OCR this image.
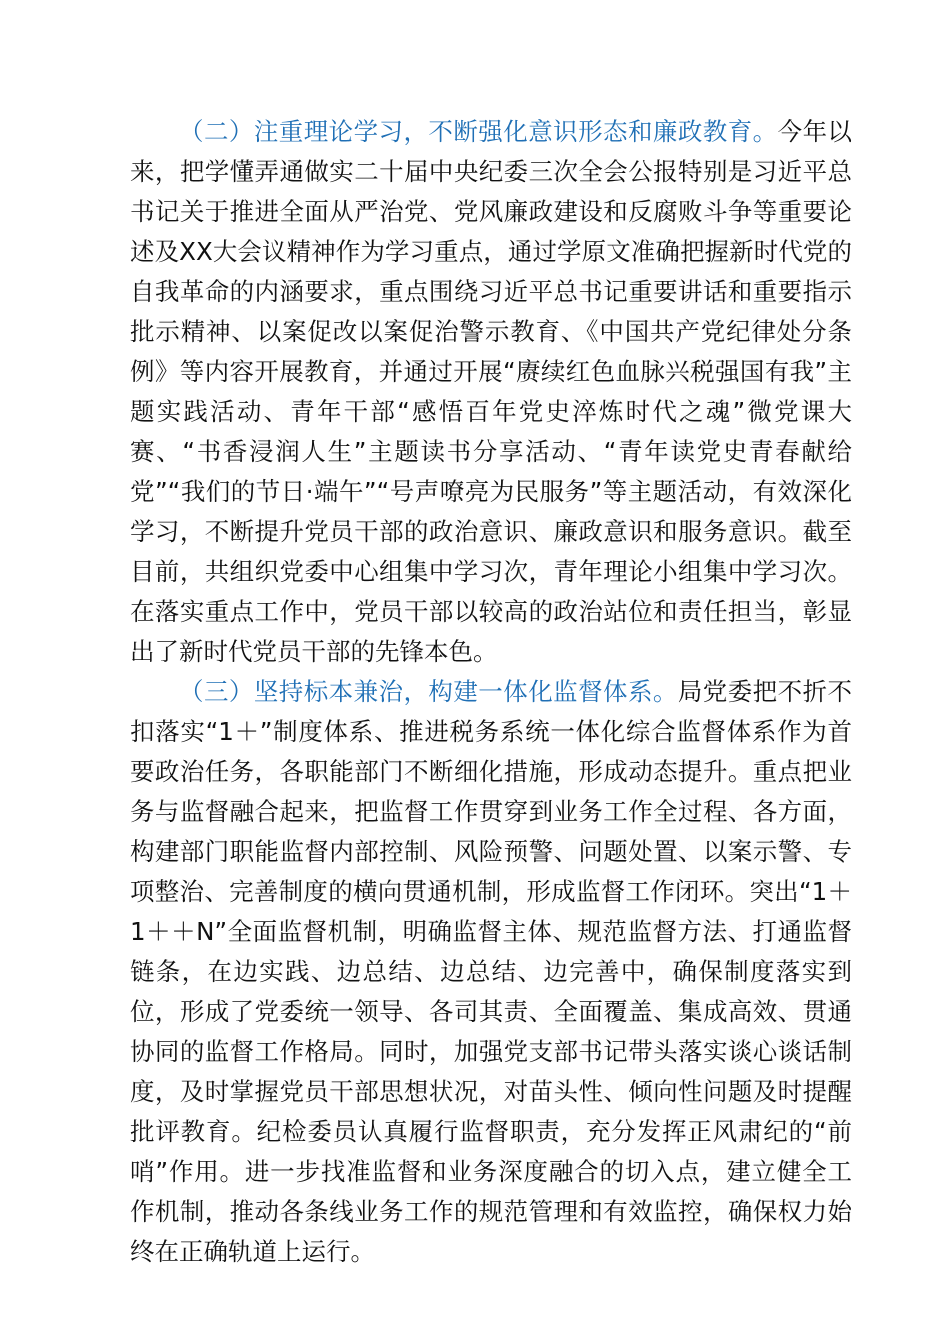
（二）注重理论学习，不断强化意识形态和廉政教育。今年以来，把学懂弄通做实二十届中央纪委三次全会公报特别是习近平总书记关于推进全面从严治党、党风廉政建设和反腐败斗争等重要论述及XX大会议精神作为学习重点，通过学原文准确把握新时代党的自我革命的内涵要求，重点围绕习近平总书记重要讲话和重要指示批示精神、以案促改以案促治警示教育、《中国共产党纪律处分条例》等内容开展教育，并通过开展“赓续红色血脉兴税强国有我”主题实践活动、青年干部“感悟百年党史淬炼时代之魂”微党课大赛、“书香浸润人生”主题读书分享活动、“青年读党史青春献给党”“我们的节日·端午”“号声嘹亮为民服务”等主题活动，有效深化学习，不断提升党员干部的政治意识、廉政意识和服务意识。截至目前，共组织党委中心组集中学习次，青年理论小组集中学习次。在落实重点工作中，党员干部以较高的政治站位和责任担当，彰显出了新时代党员干部的先锋本色。

（三）坚持标本兼治，构建一体化监督体系。局党委把不折不扣落实“1＋”制度体系、推进税务系统一体化综合监督体系作为首要政治任务，各职能部门不断细化措施，形成动态提升。重点把业务与监督融合起来，把监督工作贯穿到业务工作全过程、各方面，构建部门职能监督内部控制、风险预警、问题处置、以案示警、专项整治、完善制度的横向贯通机制，形成监督工作闭环。突出“1＋1＋＋N”全面监督机制，明确监督主体、规范监督方法、打通监督链条，在边实践、边总结、边总结、边完善中，确保制度落实到位，形成了党委统一领导、各司其责、全面覆盖、集成高效、贯通协同的监督工作格局。同时，加强党支部书记带头落实谈心谈话制度，及时掌握党员干部思想状况，对苗头性、倾向性问题及时提醒批评教育。纪检委员认真履行监督职责，充分发挥正风肃纪的“前哨”作用。进一步找准监督和业务深度融合的切入点，建立健全工作机制，推动各条线业务工作的规范管理和有效监控，确保权力始终在正确轨道上运行。
